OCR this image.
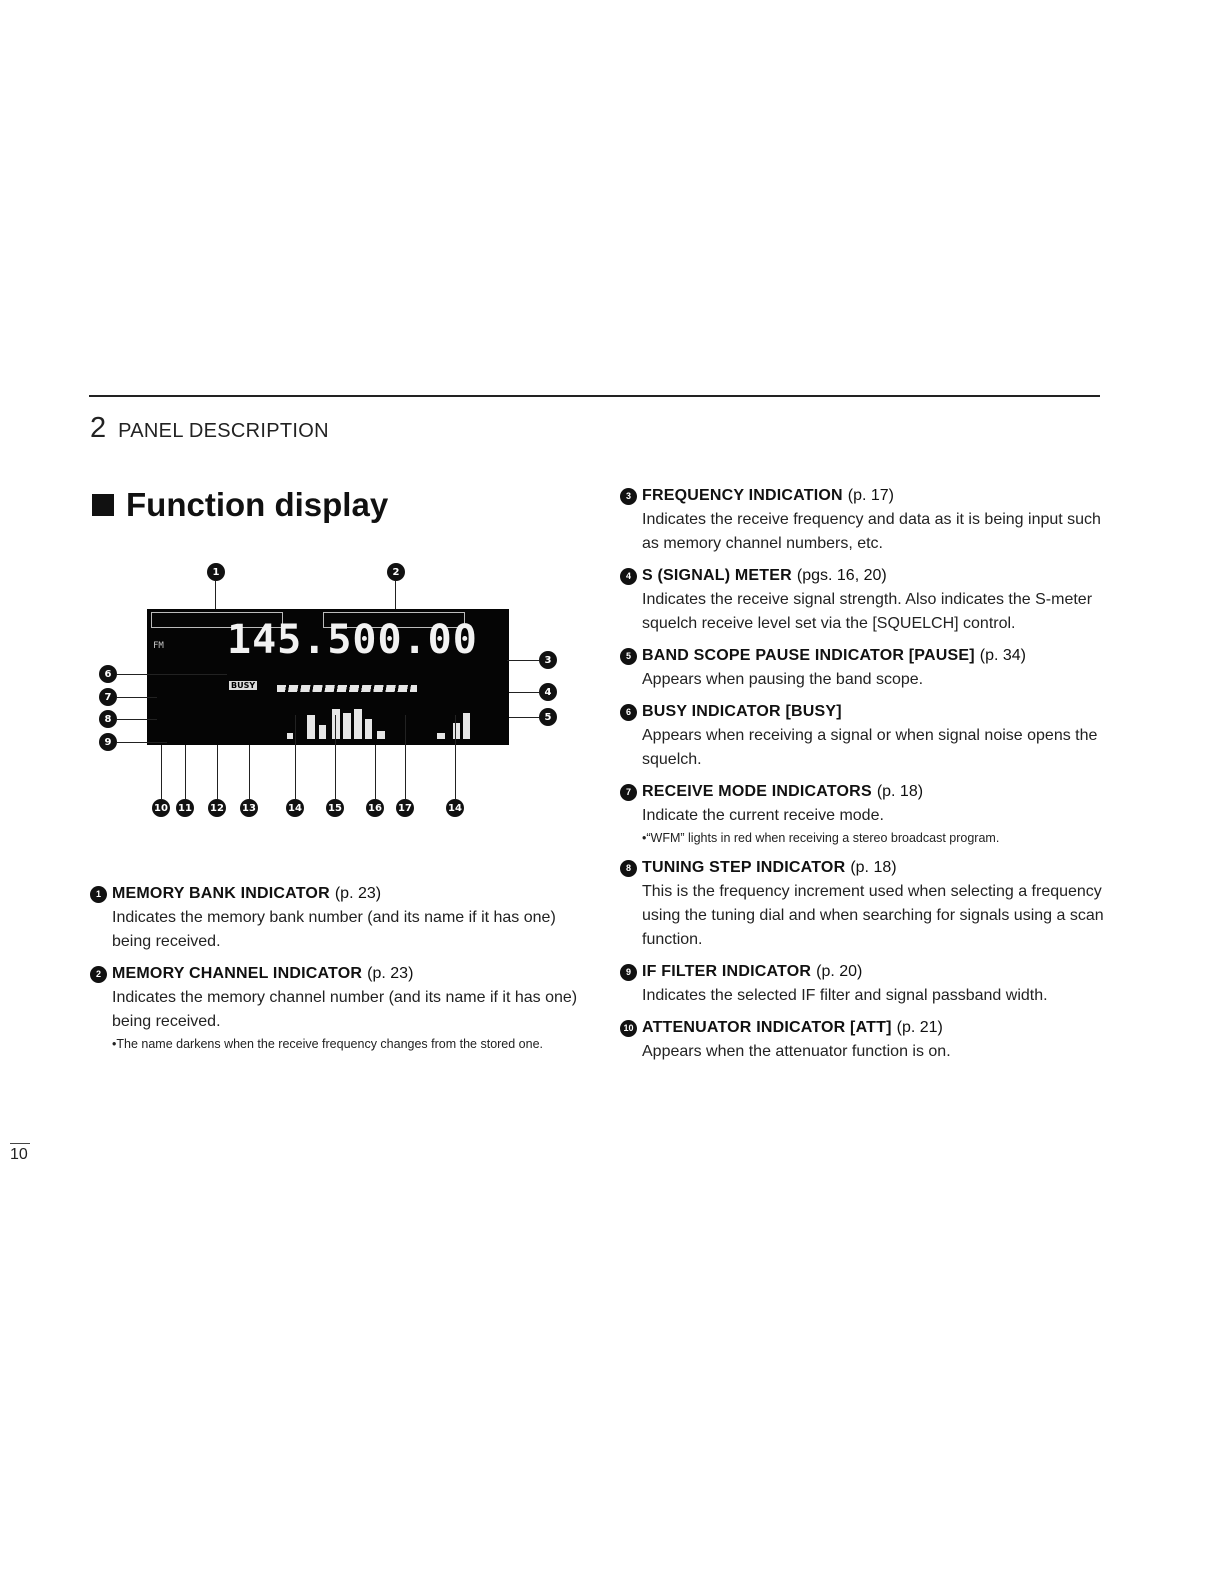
2 PANEL DESCRIPTION
Function display
1	2
FM 145.500.00
BUSY
6
7
8
9
3
4
5
10 11 12 13	14	15	16 17	14
1 MEMORY BANK INDICATOR (p. 23)
Indicates the memory bank number (and its name if it has one) being received.
2 MEMORY CHANNEL INDICATOR (p. 23)
Indicates the memory channel number (and its name if it has one) being received.
•The name darkens when the receive frequency changes from the stored one.
3 FREQUENCY INDICATION (p. 17)
Indicates the receive frequency and data as it is being input such as memory channel numbers, etc.
4 S (SIGNAL) METER (pgs. 16, 20)
Indicates the receive signal strength. Also indicates the S-meter squelch receive level set via the [SQUELCH] control.
5 BAND SCOPE PAUSE INDICATOR [PAUSE] (p. 34)
Appears when pausing the band scope.
6 BUSY INDICATOR [BUSY]
Appears when receiving a signal or when signal noise opens the squelch.
7 RECEIVE MODE INDICATORS (p. 18)
Indicate the current receive mode.
•“WFM” lights in red when receiving a stereo broadcast program.
8 TUNING STEP INDICATOR (p. 18)
This is the frequency increment used when selecting a frequency using the tuning dial and when searching for signals using a scan function.
9 IF FILTER INDICATOR (p. 20)
Indicates the selected IF filter and signal passband width.
10 ATTENUATOR INDICATOR [ATT] (p. 21)
Appears when the attenuator function is on.
10
